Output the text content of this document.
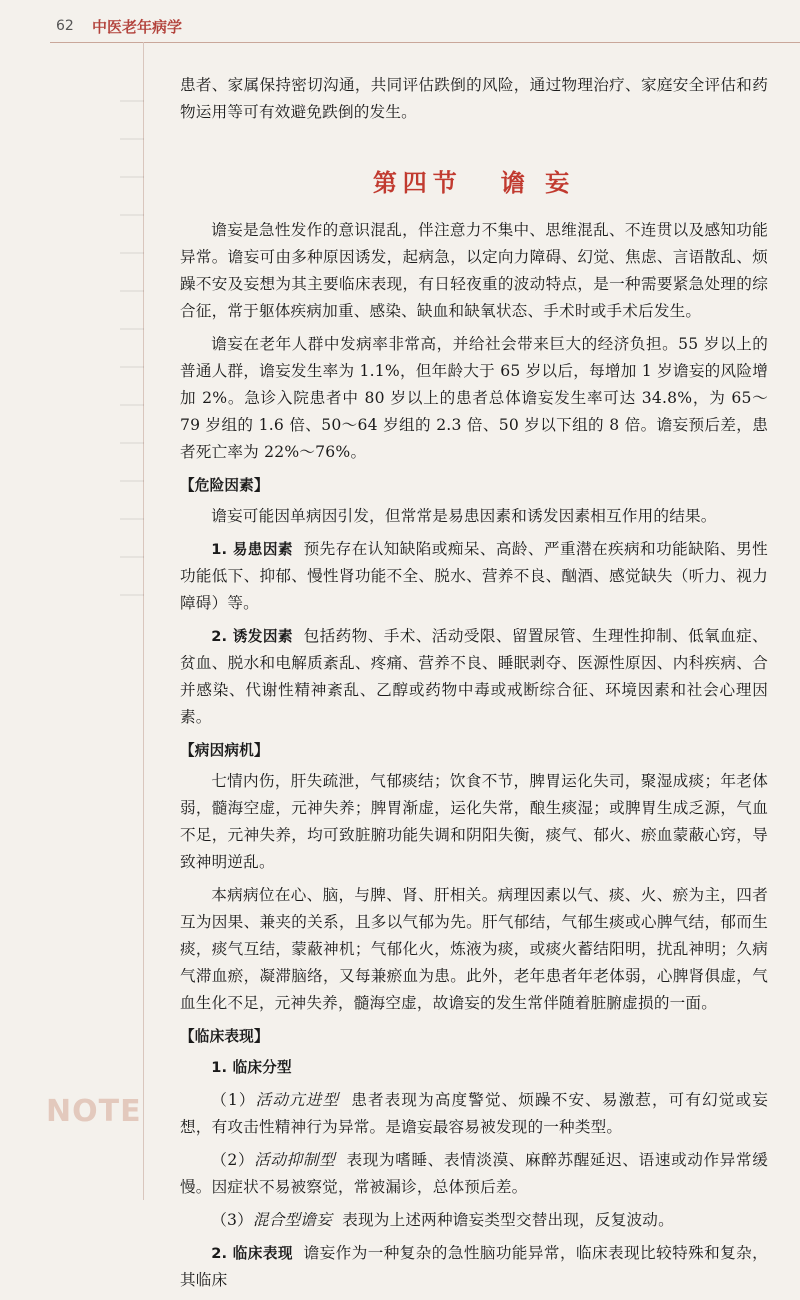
62 中医老年病学

患者、家属保持密切沟通，共同评估跌倒的风险，通过物理治疗、家庭安全评估和药物运用等可有效避免跌倒的发生。

第四节 谵 妄

谵妄是急性发作的意识混乱，伴注意力不集中、思维混乱、不连贯以及感知功能异常。谵妄可由多种原因诱发，起病急，以定向力障碍、幻觉、焦虑、言语散乱、烦躁不安及妄想为其主要临床表现，有日轻夜重的波动特点，是一种需要紧急处理的综合征，常于躯体疾病加重、感染、缺血和缺氧状态、手术时或手术后发生。

谵妄在老年人群中发病率非常高，并给社会带来巨大的经济负担。55 岁以上的普通人群，谵妄发生率为 1.1%，但年龄大于 65 岁以后，每增加 1 岁谵妄的风险增加 2%。急诊入院患者中 80 岁以上的患者总体谵妄发生率可达 34.8%，为 65～79 岁组的 1.6 倍、50～64 岁组的 2.3 倍、50 岁以下组的 8 倍。谵妄预后差，患者死亡率为 22%～76%。

【危险因素】

谵妄可能因单病因引发，但常常是易患因素和诱发因素相互作用的结果。

1. 易患因素 预先存在认知缺陷或痴呆、高龄、严重潜在疾病和功能缺陷、男性功能低下、抑郁、慢性肾功能不全、脱水、营养不良、酗酒、感觉缺失（听力、视力障碍）等。

2. 诱发因素 包括药物、手术、活动受限、留置尿管、生理性抑制、低氧血症、贫血、脱水和电解质紊乱、疼痛、营养不良、睡眠剥夺、医源性原因、内科疾病、合并感染、代谢性精神紊乱、乙醇或药物中毒或戒断综合征、环境因素和社会心理因素。

【病因病机】

七情内伤，肝失疏泄，气郁痰结；饮食不节，脾胃运化失司，聚湿成痰；年老体弱，髓海空虚，元神失养；脾胃渐虚，运化失常，酿生痰湿；或脾胃生成乏源，气血不足，元神失养，均可致脏腑功能失调和阴阳失衡，痰气、郁火、瘀血蒙蔽心窍，导致神明逆乱。

本病病位在心、脑，与脾、肾、肝相关。病理因素以气、痰、火、瘀为主，四者互为因果、兼夹的关系，且多以气郁为先。肝气郁结，气郁生痰或心脾气结，郁而生痰，痰气互结，蒙蔽神机；气郁化火，炼液为痰，或痰火蓄结阳明，扰乱神明；久病气滞血瘀，凝滞脑络，又每兼瘀血为患。此外，老年患者年老体弱，心脾肾俱虚，气血生化不足，元神失养，髓海空虚，故谵妄的发生常伴随着脏腑虚损的一面。

【临床表现】

1. 临床分型

（1）活动亢进型 患者表现为高度警觉、烦躁不安、易激惹，可有幻觉或妄想，有攻击性精神行为异常。是谵妄最容易被发现的一种类型。

（2）活动抑制型 表现为嗜睡、表情淡漠、麻醉苏醒延迟、语速或动作异常缓慢。因症状不易被察觉，常被漏诊，总体预后差。

（3）混合型谵妄 表现为上述两种谵妄类型交替出现，反复波动。

2. 临床表现 谵妄作为一种复杂的急性脑功能异常，临床表现比较特殊和复杂，其临床

NOTE
